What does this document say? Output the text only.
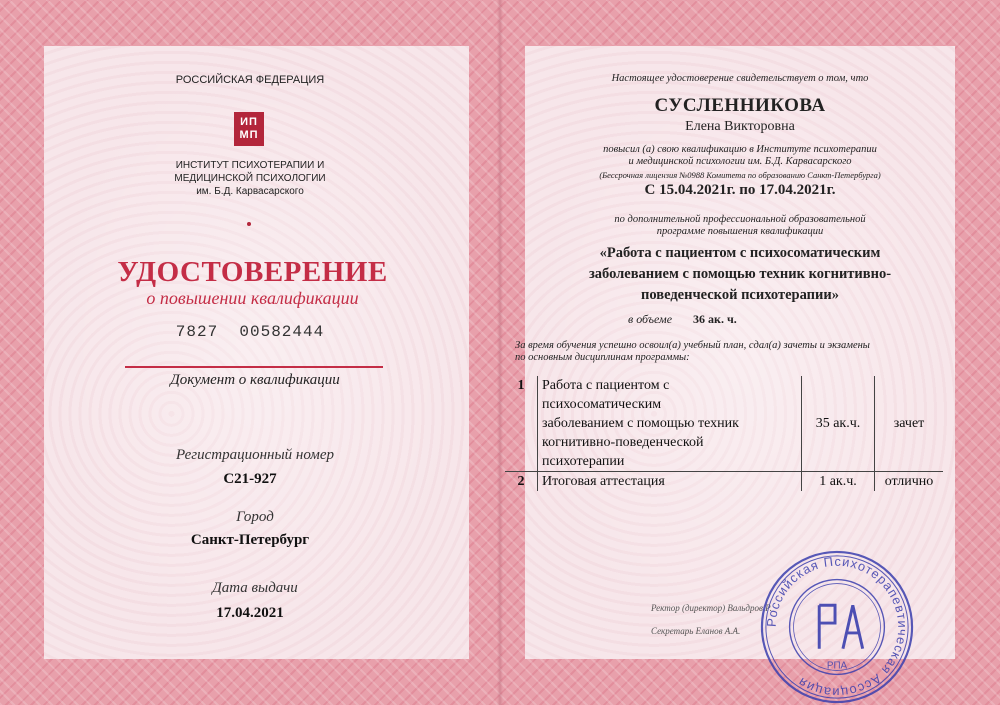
РОССИЙСКАЯ ФЕДЕРАЦИЯ
ИП
МП
ИНСТИТУТ ПСИХОТЕРАПИИ И
МЕДИЦИНСКОЙ ПСИХОЛОГИИ
им. Б.Д. Карвасарского
УДОСТОВЕРЕНИЕ
о повышении квалификации
7827  00582444
Документ о квалификации
Регистрационный номер
С21-927
Город
Санкт-Петербург
Дата выдачи
17.04.2021
Настоящее удостоверение свидетельствует о том, что
СУСЛЕННИКОВА
Елена Викторовна
повысил (а) свою квалификацию в Институте психотерапии
и медицинской психологии им. Б.Д. Карвасарского
(Бессрочная лицензия №0988 Комитета по образованию Санкт-Петербурга)
С 15.04.2021г. по 17.04.2021г.
по дополнительной профессиональной образовательной
программе повышения квалификации
«Работа с пациентом с психосоматическим
заболеванием с помощью техник когнитивно-
поведенческой психотерапии»
в объеме 36 ак. ч.
За время обучения успешно освоил(а) учебный план, сдал(а) зачеты и экзамены
по основным дисциплинам программы:
1	Работа с пациентом с
психосоматическим
заболеванием с помощью техник
когнитивно-поведенческой
психотерапии	35 ак.ч.	зачет
2	Итоговая аттестация	1 ак.ч.	отлично
Ректор (директор) Вальдров Р.
Секретарь Еланов А.А.
Российская Психотерапевтическая Ассоциация
РПА
